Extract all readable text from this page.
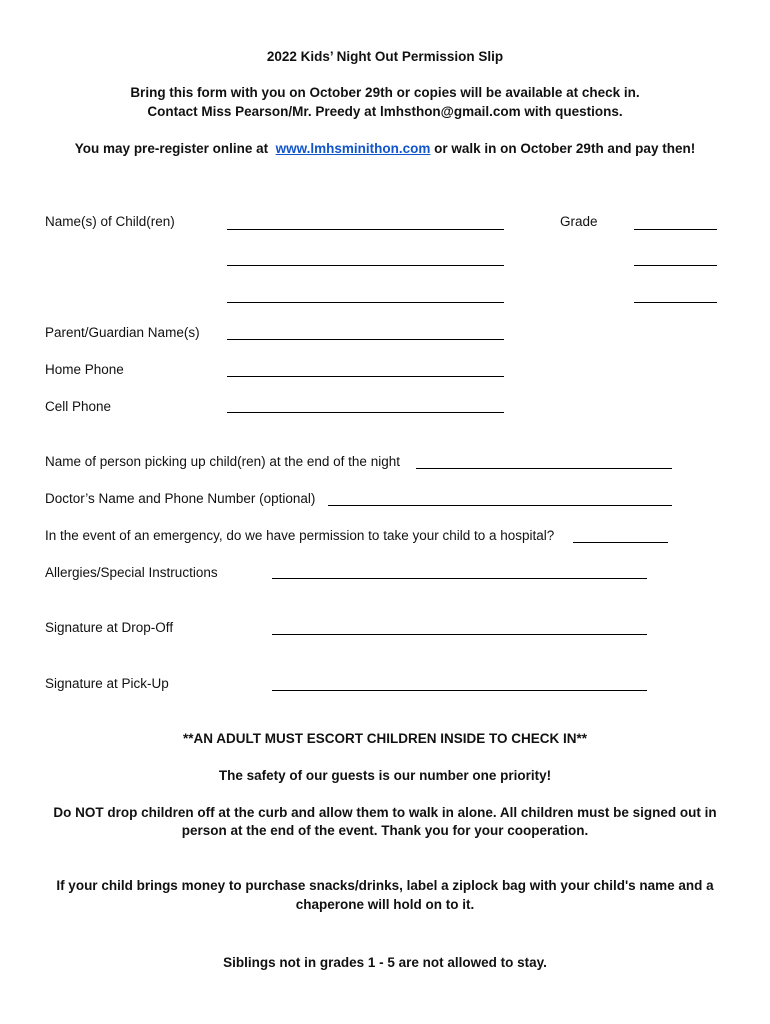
2022 Kids’ Night Out Permission Slip
Bring this form with you on October 29th or copies will be available at check in.
Contact Miss Pearson/Mr. Preedy at lmhsthon@gmail.com with questions.
You may pre-register online at www.lmhsminithon.com or walk in on October 29th and pay then!
Name(s) of Child(ren)	Grade
Parent/Guardian Name(s)
Home Phone
Cell Phone
Name of person picking up child(ren) at the end of the night
Doctor’s Name and Phone Number (optional)
In the event of an emergency, do we have permission to take your child to a hospital?
Allergies/Special Instructions
Signature at Drop-Off
Signature at Pick-Up
**AN ADULT MUST ESCORT CHILDREN INSIDE TO CHECK IN**
The safety of our guests is our number one priority!
Do NOT drop children off at the curb and allow them to walk in alone. All children must be signed out in
person at the end of the event. Thank you for your cooperation.
If your child brings money to purchase snacks/drinks, label a ziplock bag with your child's name and a
chaperone will hold on to it.
Siblings not in grades 1 - 5 are not allowed to stay.
